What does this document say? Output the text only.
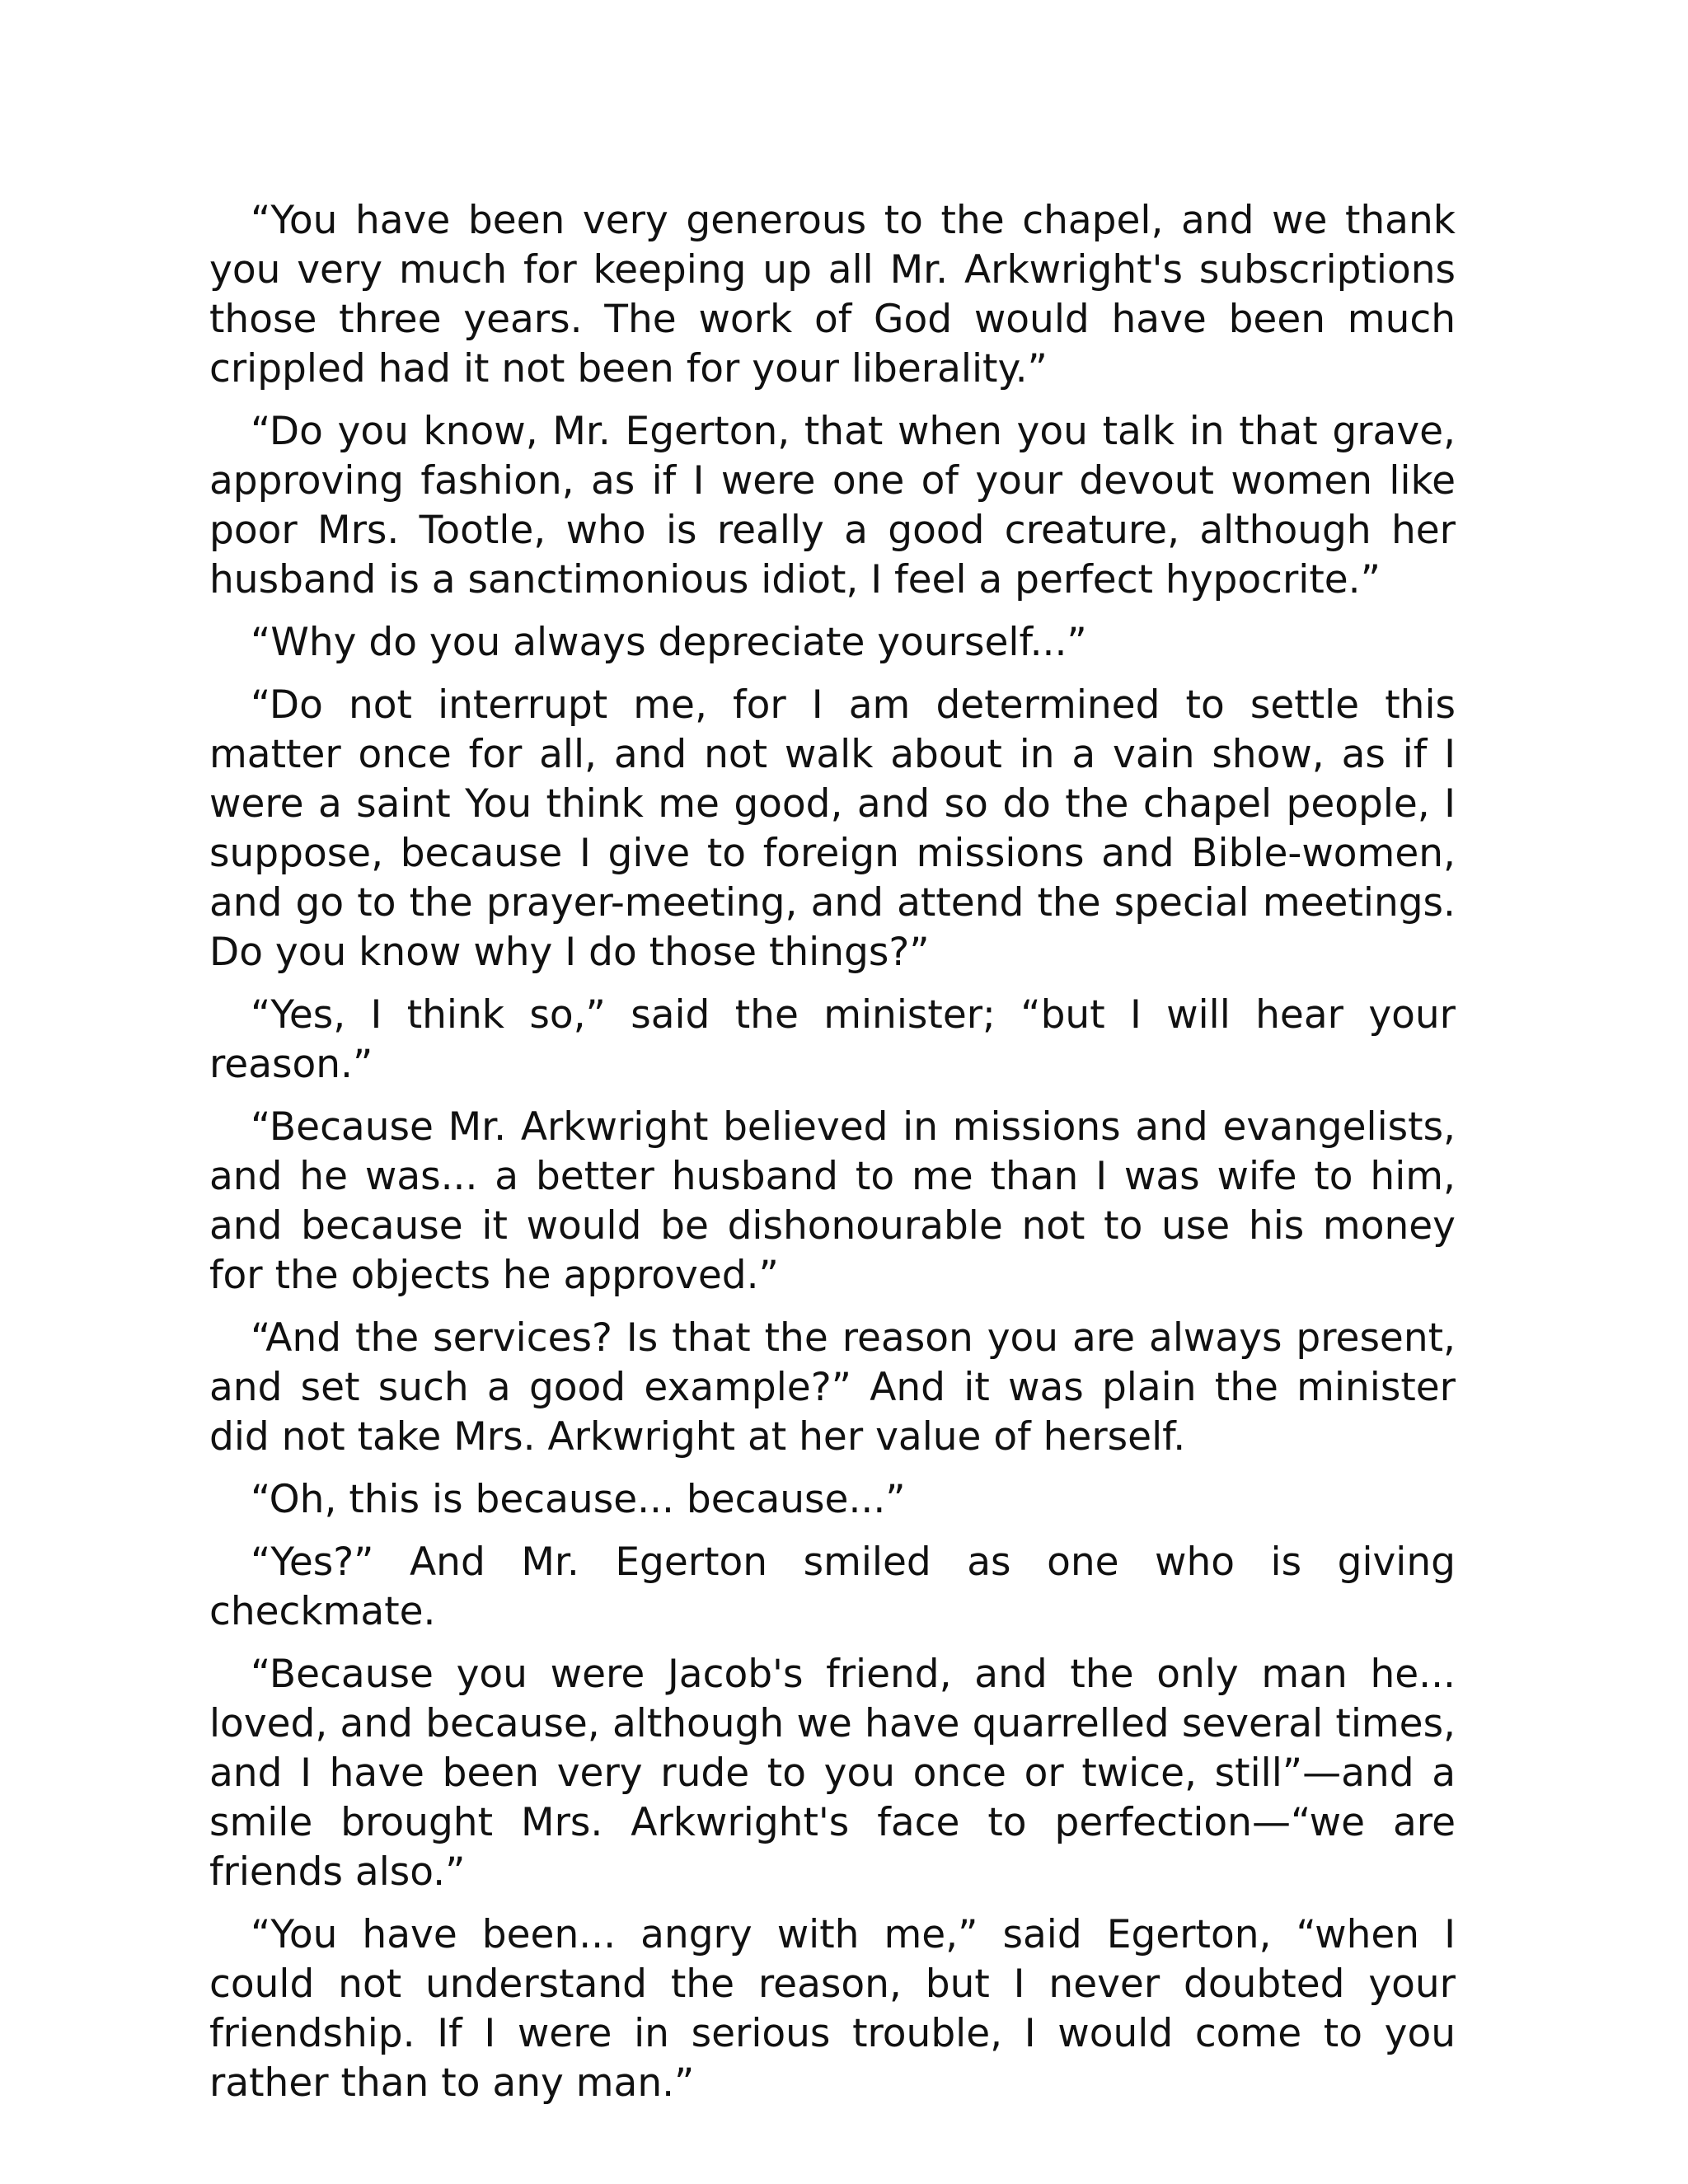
“You have been very generous to the chapel, and we thank you very much for keeping up all Mr. Arkwright's subscriptions those three years. The work of God would have been much crippled had it not been for your liberality.”

“Do you know, Mr. Egerton, that when you talk in that grave, approving fashion, as if I were one of your devout women like poor Mrs. Tootle, who is really a good creature, although her husband is a sanctimonious idiot, I feel a perfect hypocrite.”

“Why do you always depreciate yourself...”

“Do not interrupt me, for I am determined to settle this matter once for all, and not walk about in a vain show, as if I were a saint You think me good, and so do the chapel people, I suppose, because I give to foreign missions and Bible-women, and go to the prayer-meeting, and attend the special meetings. Do you know why I do those things?”

“Yes, I think so,” said the minister; “but I will hear your reason.”

“Because Mr. Arkwright believed in missions and evangelists, and he was... a better husband to me than I was wife to him, and because it would be dishonourable not to use his money for the objects he approved.”

“And the services? Is that the reason you are always present, and set such a good example?” And it was plain the minister did not take Mrs. Arkwright at her value of herself.

“Oh, this is because... because...”

“Yes?” And Mr. Egerton smiled as one who is giving checkmate.

“Because you were Jacob's friend, and the only man he... loved, and because, although we have quarrelled several times, and I have been very rude to you once or twice, still”—and a smile brought Mrs. Arkwright's face to perfection—“we are friends also.”

“You have been... angry with me,” said Egerton, “when I could not understand the reason, but I never doubted your friendship. If I were in serious trouble, I would come to you rather than to any man.”
